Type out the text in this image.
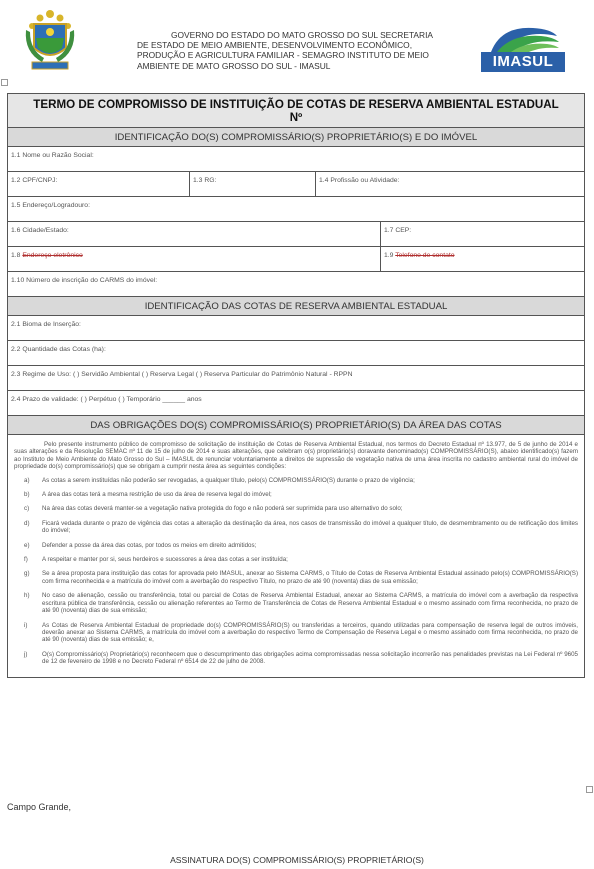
GOVERNO DO ESTADO DO MATO GROSSO DO SUL SECRETARIA
DE ESTADO DE MEIO AMBIENTE, DESENVOLVIMENTO ECONÔMICO,
PRODUÇÃO E AGRICULTURA FAMILIAR - SEMAGRO INSTITUTO DE MEIO
AMBIENTE DE MATO GROSSO DO SUL - IMASUL	IMASUL
TERMO DE COMPROMISSO DE INSTITUIÇÃO DE COTAS DE RESERVA AMBIENTAL ESTADUAL
Nº
IDENTIFICAÇÃO DO(S) COMPROMISSÁRIO(S) PROPRIETÁRIO(S) E DO IMÓVEL
1.1 Nome ou Razão Social:
1.2 CPF/CNPJ:	1.3 RG:	1.4 Profissão ou Atividade:
1.5 Endereço/Logradouro:
1.6 Cidade/Estado:	1.7 CEP:
1.8 Endereço eletrônico	1.9 Telefone de contato
1.10 Número de inscrição do CARMS do imóvel:
IDENTIFICAÇÃO DAS COTAS DE RESERVA AMBIENTAL ESTADUAL
2.1 Bioma de Inserção:
2.2 Quantidade das Cotas (ha):
2.3 Regime de Uso: ( ) Servidão Ambiental ( ) Reserva Legal ( ) Reserva Particular do Patrimônio Natural - RPPN
2.4 Prazo de validade: ( ) Perpétuo ( ) Temporário ______ anos
DAS OBRIGAÇÕES DO(S) COMPROMISSÁRIO(S) PROPRIETÁRIO(S) DA ÁREA DAS COTAS
Pelo presente instrumento público de compromisso de solicitação de instituição de Cotas de Reserva Ambiental Estadual, nos termos do Decreto Estadual nº 13.977, de 5 de junho de 2014 e suas alterações e da Resolução SEMAC nº 11 de 15 de julho de 2014 e suas alterações, que celebram o(s) proprietário(s) doravante denominado(s) COMPROMISSÁRIO(S), abaixo identificado(s) fazem ao Instituto de Meio Ambiente do Mato Grosso do Sul – IMASUL de renunciar voluntariamente a direitos de supressão de vegetação nativa de uma área inscrita no cadastro ambiental rural do imóvel de propriedade do(s) compromissário(s) que se obrigam a cumprir nesta área as seguintes condições:
a)	As cotas a serem instituídas não poderão ser revogadas, a qualquer título, pelo(s) COMPROMISSÁRIO(S) durante o prazo de vigência;
b)	A área das cotas terá a mesma restrição de uso da área de reserva legal do imóvel;
c)	Na área das cotas deverá manter-se a vegetação nativa protegida do fogo e não poderá ser suprimida para uso alternativo do solo;
d)	Ficará vedada durante o prazo de vigência das cotas a alteração da destinação da área, nos casos de transmissão do imóvel a qualquer título, de desmembramento ou de retificação dos limites do imóvel;
e)	Defender a posse da área das cotas, por todos os meios em direito admitidos;
f)	A respeitar e manter por si, seus herdeiros e sucessores a área das cotas a ser instituída;
g)	Se a área proposta para instituição das cotas for aprovada pelo IMASUL, anexar ao Sistema CARMS, o Título de Cotas de Reserva Ambiental Estadual assinado pelo(s) COMPROMISSÁRIO(S) com firma reconhecida e a matrícula do imóvel com a averbação do respectivo Título, no prazo de até 90 (noventa) dias de sua emissão;
h)	No caso de alienação, cessão ou transferência, total ou parcial de Cotas de Reserva Ambiental Estadual, anexar ao Sistema CARMS, a matrícula do imóvel com a averbação da respectiva escritura pública de transferência, cessão ou alienação referentes ao Termo de Transferência de Cotas de Reserva Ambiental Estadual e o mesmo assinado com firma reconhecida, no prazo de até 90 (noventa) dias de sua emissão;
i)	As Cotas de Reserva Ambiental Estadual de propriedade do(s) COMPROMISSÁRIO(S) ou transferidas a terceiros, quando utilizadas para compensação de reserva legal de outros imóveis, deverão anexar ao Sistema CARMS, a matrícula do imóvel com a averbação do respectivo Termo de Compensação de Reserva Legal e o mesmo assinado com firma reconhecida, no prazo de até 90 (noventa) dias de sua emissão; e,
j)	O(s) Compromissário(s) Proprietário(s) reconhecem que o descumprimento das obrigações acima compromissadas nessa solicitação incorrerão nas penalidades previstas na Lei Federal nº 9605 de 12 de fevereiro de 1998 e no Decreto Federal nº 6514 de 22 de julho de 2008.
Campo Grande,
ASSINATURA DO(S) COMPROMISSÁRIO(S) PROPRIETÁRIO(S)
